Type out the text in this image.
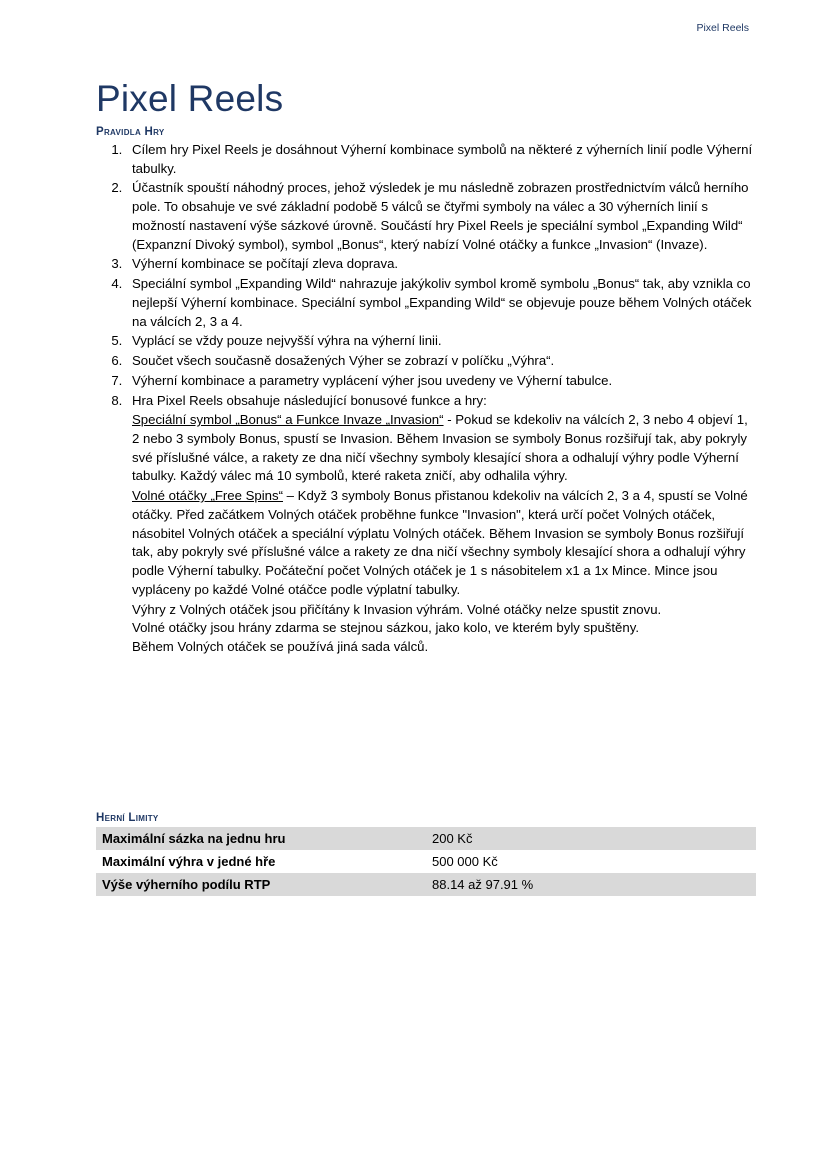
Pixel Reels
Pixel Reels
Pravidla Hry
1. Cílem hry Pixel Reels je dosáhnout Výherní kombinace symbolů na některé z výherních linií podle Výherní tabulky.
2. Účastník spouští náhodný proces, jehož výsledek je mu následně zobrazen prostřednictvím válců herního pole. To obsahuje ve své základní podobě 5 válců se čtyřmi symboly na válec a 30 výherních linií s možností nastavení výše sázkové úrovně. Součástí hry Pixel Reels je speciální symbol „Expanding Wild“ (Expanzní Divoký symbol), symbol „Bonus“, který nabízí Volné otáčky a funkce „Invasion“ (Invaze).
3. Výherní kombinace se počítají zleva doprava.
4. Speciální symbol „Expanding Wild“ nahrazuje jakýkoliv symbol kromě symbolu „Bonus“ tak, aby vznikla co nejlepší Výherní kombinace. Speciální symbol „Expanding Wild“ se objevuje pouze během Volných otáček na válcích 2, 3 a 4.
5. Vyplácí se vždy pouze nejvyšší výhra na výherní linii.
6. Součet všech současně dosažených Výher se zobrazí v políčku „Výhra“.
7. Výherní kombinace a parametry vyplácení výher jsou uvedeny ve Výherní tabulce.
8. Hra Pixel Reels obsahuje následující bonusové funkce a hry:

Speciální symbol „Bonus“ a Funkce Invaze „Invasion“ - Pokud se kdekoliv na válcích 2, 3 nebo 4 objeví 1, 2 nebo 3 symboly Bonus, spustí se Invasion. Během Invasion se symboly Bonus rozšiřují tak, aby pokryly své příslušné válce, a rakety ze dna ničí všechny symboly klesající shora a odhalují výhry podle Výherní tabulky. Každý válec má 10 symbolů, které raketa zničí, aby odhalila výhry.

Volné otáčky „Free Spins“ – Když 3 symboly Bonus přistanou kdekoliv na válcích 2, 3 a 4, spustí se Volné otáčky. Před začátkem Volných otáček proběhne funkce "Invasion", která určí počet Volných otáček, násobitel Volných otáček a speciální výplatu Volných otáček. Během Invasion se symboly Bonus rozšiřují tak, aby pokryly své příslušné válce a rakety ze dna ničí všechny symboly klesající shora a odhalují výhry podle Výherní tabulky. Počáteční počet Volných otáček je 1 s násobitelem x1 a 1x Mince. Mince jsou vypláceny po každé Volné otáčce podle výplatní tabulky.

Výhry z Volných otáček jsou přičítány k Invasion výhrám. Volné otáčky nelze spustit znovu.

Volné otáčky jsou hrány zdarma se stejnou sázkou, jako kolo, ve kterém byly spuštěny.

Během Volných otáček se používá jiná sada válců.

Herní Limity
Maximální sázka na jednu hru	200 Kč
Maximální výhra v jedné hře	500 000 Kč
Výše výherního podílu RTP	88.14 až 97.91 %
